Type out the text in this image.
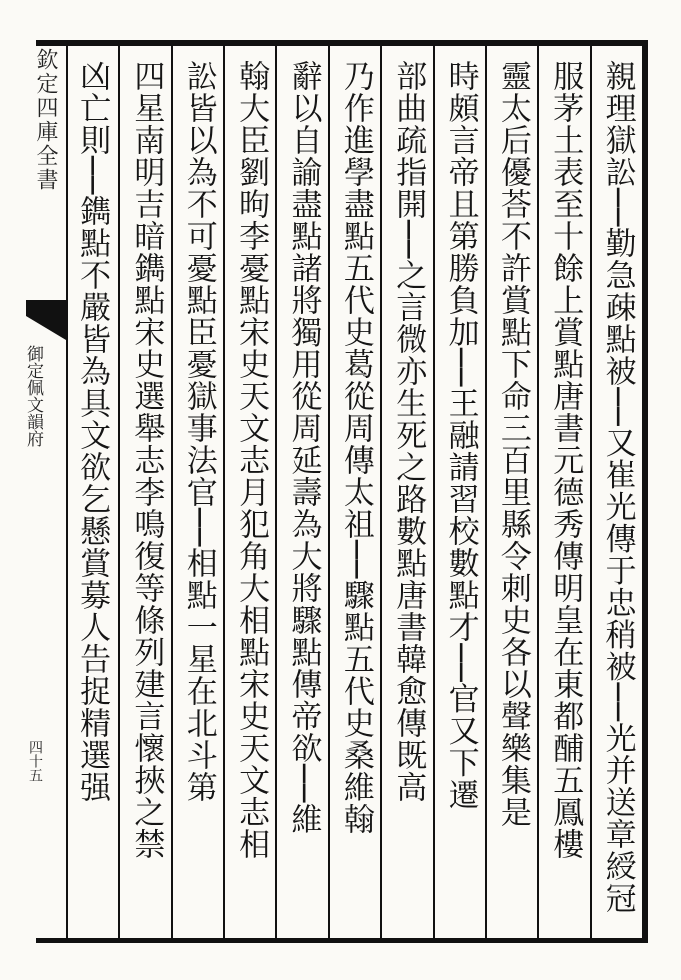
欽定四庫全書
御定佩文韻府
四十五	親理獄訟──勤急疎點被──又崔光傳于忠稍被──光并送章綬冠
服茅土表至十餘上賞點唐書元德秀傳明皇在東都酺五鳳樓
靈太后優荅不許賞點下命三百里縣令刺史各以聲樂集是
時頗言帝且第勝負加──王融請習校數點才──官又下遷
部曲疏指開──之言微亦生死之路數點唐書韓愈傳既高
乃作進學盡點五代史葛從周傳太祖──驟點五代史桑維翰
辭以自諭盡點諸將獨用從周延壽為大將驟點傳帝欲──維
翰大臣劉昫李憂點宋史天文志月犯角大相點宋史天文志相
訟皆以為不可憂點臣憂獄事法官──相點一星在北斗第
四星南明吉暗鐫點宋史選舉志李鳴復等條列建言懷挾之禁
凶亡則──鐫點不嚴皆為具文欲乞懸賞募人告捉精選强
